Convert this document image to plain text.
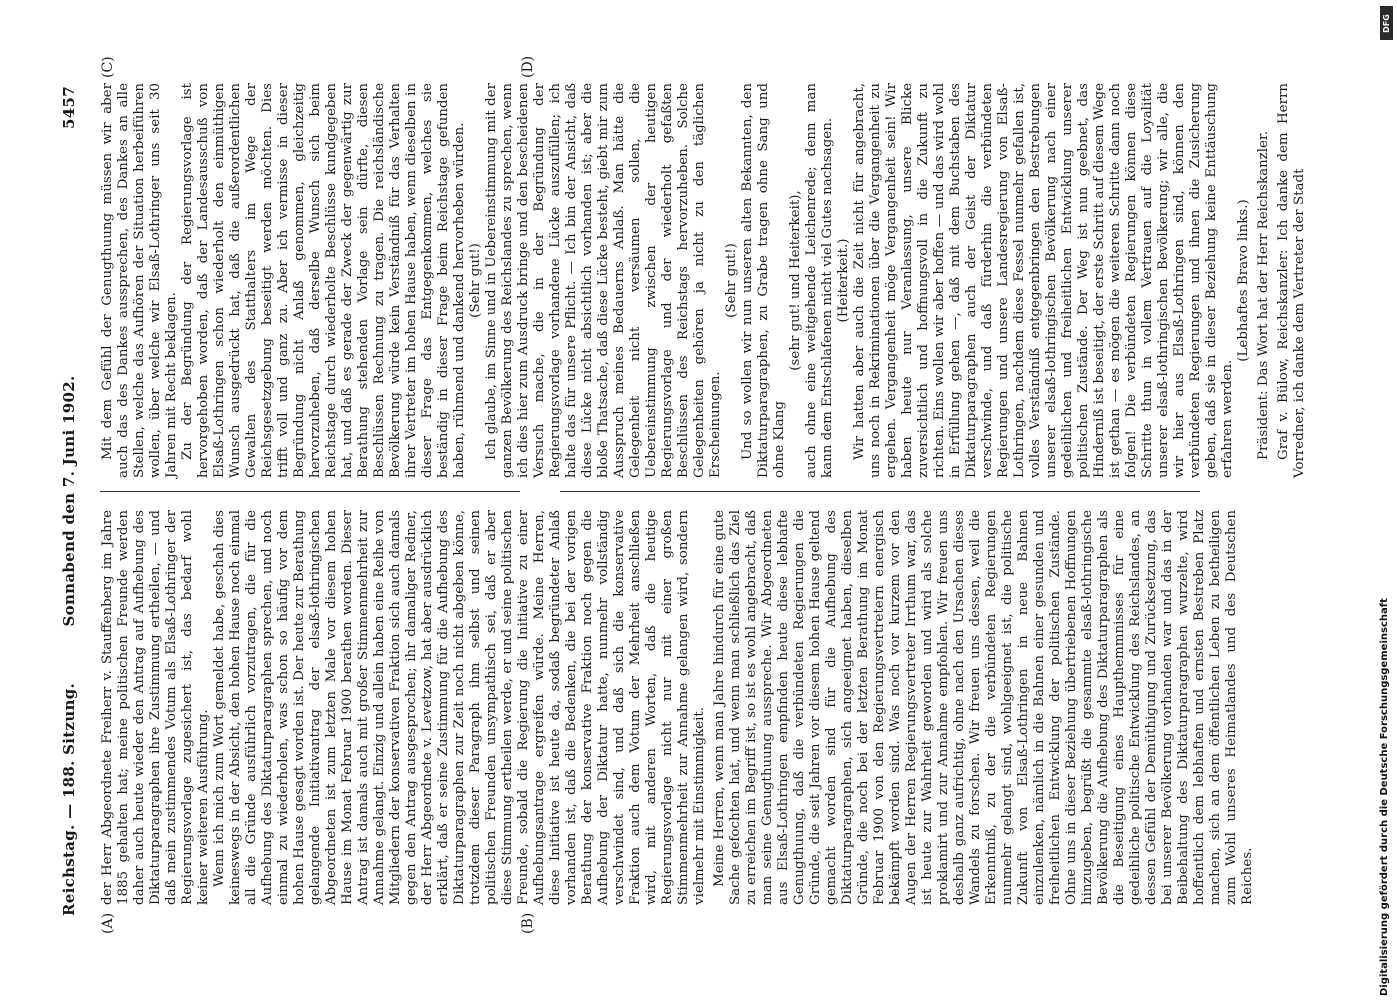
Reichstag. — 188. Sitzung.
Sonnabend den 7. Juni 1902.
5457
(A)	(B)
(C)	(D)

der Herr Abgeordnete Freiherr v. Stauffenberg im Jahre 1885 gehalten hat; meine politischen Freunde werden daher auch heute wieder den Antrag auf Aufhebung des Diktaturparagraphen ihre Zustimmung ertheilen, — und daß mein zustimmendes Votum als Elsaß-Lothringer der Regierungsvorlage zugesichert ist, das bedarf wohl keiner weiteren Ausführung. Wenn ich mich zum Wort gemeldet habe, geschah dies keineswegs in der Absicht, den hohen Hause noch einmal all die Gründe ausführlich vorzutragen, die für die Aufhebung des Diktaturparagraphen sprechen, und noch einmal zu wiederholen, was schon so häufig vor dem hohen Hause gesagt worden ist. Der heute zur Berathung gelangende Initiativantrag der elsaß-lothringischen Abgeordneten ist zum letzten Male vor diesem hohen Hause im Monat Februar 1900 berathen worden. Dieser Antrag ist damals auch mit großer Stimmenmehrheit zur Annahme gelangt. Einzig und allein haben eine Reihe von Mitgliedern der konservativen Fraktion sich auch damals gegen den Antrag ausgesprochen; ihr damaliger Redner, der Herr Abgeordnete v. Levetzow, hat aber ausdrücklich erklärt, daß er seine Zustimmung für die Aufhebung des Diktaturparagraphen zur Zeit noch nicht abgeben könne, trotzdem dieser Paragraph ihm selbst und seinen politischen Freunden unsympathisch sei, daß er aber diese Stimmung ertheilen werde, er und seine politischen Freunde, sobald die Regierung die Initiative zu einer Aufhebungsantrage ergreifen würde. Meine Herren, diese Initiative ist heute da, sodaß begründeter Anlaß vorhanden ist, daß die Bedenken, die bei der vorigen Berathung der konservative Fraktion noch gegen die Aufhebung der Diktatur hatte, nunmehr vollständig verschwindet sind, und daß sich die konservative Fraktion auch dem Votum der Mehrheit anschließen wird, mit anderen Worten, daß die heutige Regierungsvorlage nicht nur mit einer großen Stimmenmehrheit zur Annahme gelangen wird, sondern vielmehr mit Einstimmigkeit. Meine Herren, wenn man Jahre hindurch für eine gute Sache gefochten hat, und wenn man schließlich das Ziel zu erreichen im Begriff ist, so ist es wohl angebracht, daß man seine Genugthuung ausspreche. Wir Abgeordneten aus Elsaß-Lothringen empfinden heute diese lebhafte Genugthuung, daß die verbündeten Regierungen die Gründe, die seit Jahren vor diesem hohen Hause geltend gemacht worden sind für die Aufhebung des Diktaturparagraphen, sich angeeignet haben, dieselben Gründe, die noch bei der letzten Berathung im Monat Februar 1900 von den Regierungsvertretern energisch bekämpft worden sind. Was noch vor kurzem vor den Augen der Herren Regierungsvertreter Irrthum war, das ist heute zur Wahrheit geworden und wird als solche proklamirt und zur Annahme empfohlen. Wir freuen uns deshalb ganz aufrichtig, ohne nach den Ursachen dieses Wandels zu forschen. Wir freuen uns dessen, weil die Erkenntniß, zu der die verbündeten Regierungen nunmehr gelangt sind, wohlgeeignet ist, die politische Zukunft von Elsaß-Lothringen in neue Bahnen einzulenken, nämlich in die Bahnen einer gesunden und freiheitlichen Entwicklung der politischen Zustände. Ohne uns in dieser Beziehung übertriebenen Hoffnungen hinzugeben, begrüßt die gesammte elsaß-lothringische Bevölkerung die Aufhebung des Diktaturparagraphen als die Beseitigung eines Haupthemmnisses für eine gedeihliche politische Entwicklung des Reichslandes, an dessen Gefühl der Demüthigung und Zurücksetzung, das bei unserer Bevölkerung vorhanden war und das in der Beibehaltung des Diktaturparagraphen wurzelte, wird hoffentlich dem lebhaften und ernsten Bestreben Platz machen, sich an dem öffentlichen Leben zu betheiligen zum Wohl unseres Heimatlandes und des Deutschen Reiches.

Mit dem Gefühl der Genugthuung müssen wir aber auch das des Dankes aussprechen, des Dankes an alle Stellen, welche das Aufhören der Situation herbeiführen wollen, über welche wir Elsaß-Lothringer uns seit 30 Jahren mit Recht beklagen. Zu der Begründung der Regierungsvorlage ist hervorgehoben worden, daß der Landesausschuß von Elsaß-Lothringen schon wiederholt den einmüthigen Wunsch ausgedrückt hat, daß die außerordentlichen Gewalten des Statthalters im Wege der Reichsgesetzgebung beseitigt werden möchten. Dies trifft voll und ganz zu. Aber ich vermisse in dieser Begründung nicht Anlaß genommen, gleichzeitig hervorzuheben, daß derselbe Wunsch sich beim Reichstage durch wiederholte Beschlüsse kundgegeben hat, und daß es gerade der Zweck der gegenwärtig zur Berathung stehenden Vorlage sein dürfte, diesen Beschlüssen Rechnung zu tragen. Die reichsländische Bevölkerung würde kein Verständniß für das Verhalten ihrer Vertreter im hohen Hause haben, wenn dieselben in dieser Frage das Entgegenkommen, welches sie beständig in dieser Frage beim Reichstage gefunden haben, rühmend und dankend hervorheben würden. (Sehr gut!) Ich glaube, im Sinne und in Uebereinstimmung mit der ganzen Bevölkerung des Reichslandes zu sprechen, wenn ich dies hier zum Ausdruck bringe und den bescheidenen Versuch mache, die in der Begründung der Regierungsvorlage vorhandene Lücke auszufüllen; ich halte das für unsere Pflicht. — Ich bin der Ansicht, daß diese Lücke nicht absichtlich vorhanden ist; aber die bloße Thatsache, daß diese Lücke besteht, giebt mir zum Ausspruch meines Bedauerns Anlaß. Man hätte die Gelegenheit nicht versäumen sollen, die Uebereinstimmung zwischen der heutigen Regierungsvorlage und der wiederholt gefaßten Beschlüssen des Reichstags hervorzuheben. Solche Gelegenheiten gehören ja nicht zu den täglichen Erscheinungen.

(Sehr gut!) Und so wollen wir nun unseren alten Bekannten, den Diktaturparagraphen, zu Grabe tragen ohne Sang und ohne Klang

(sehr gut! und Heiterkeit), auch ohne eine weitgehende Leichenrede; denn man kann dem Entschlafenen nicht viel Gutes nachsagen. (Heiterkeit.) Wir hatten aber auch die Zeit nicht für angebracht, uns noch in Rekriminationen über die Vergangenheit zu ergehen. Vergangenheit möge Vergangenheit sein! Wir haben heute nur Veranlassung, unsere Blicke zuversichtlich und hoffnungsvoll in die Zukunft zu richten. Eins wollen wir aber hoffen — und das wird wohl in Erfüllung gehen —, daß mit dem Buchstaben des Diktaturparagraphen auch der Geist der Diktatur verschwinde, und daß fürderhin die verbündeten Regierungen und unsere Landesregierung von Elsaß-Lothringen, nachdem diese Fessel nunmehr gefallen ist, volles Verständniß entgegenbringen den Bestrebungen unserer elsaß-lothringischen Bevölkerung nach einer gedeihlichen und freiheitlichen Entwicklung unserer politischen Zustände. Der Weg ist nun geebnet, das Hinderniß ist beseitigt, der erste Schritt auf diesem Wege ist gethan — es mögen die weiteren Schritte dann noch folgen! Die verbündeten Regierungen können diese Schritte thun in vollem Vertrauen auf die Loyalität unserer elsaß-lothringischen Bevölkerung; wir alle, die wir hier aus Elsaß-Lothringen sind, können den verbündeten Regierungen und ihnen die Zusicherung geben, daß sie in dieser Beziehung keine Enttäuschung erfahren werden.

(Lebhaftes Bravo links.) Präsident: Das Wort hat der Herr Reichskanzler. Graf v. Bülow, Reichskanzler: Ich danke dem Herrn Vorredner, ich danke dem Vertreter der Stadt

DFG
Digitalisierung gefördert durch die Deutsche Forschungsgemeinschaft
